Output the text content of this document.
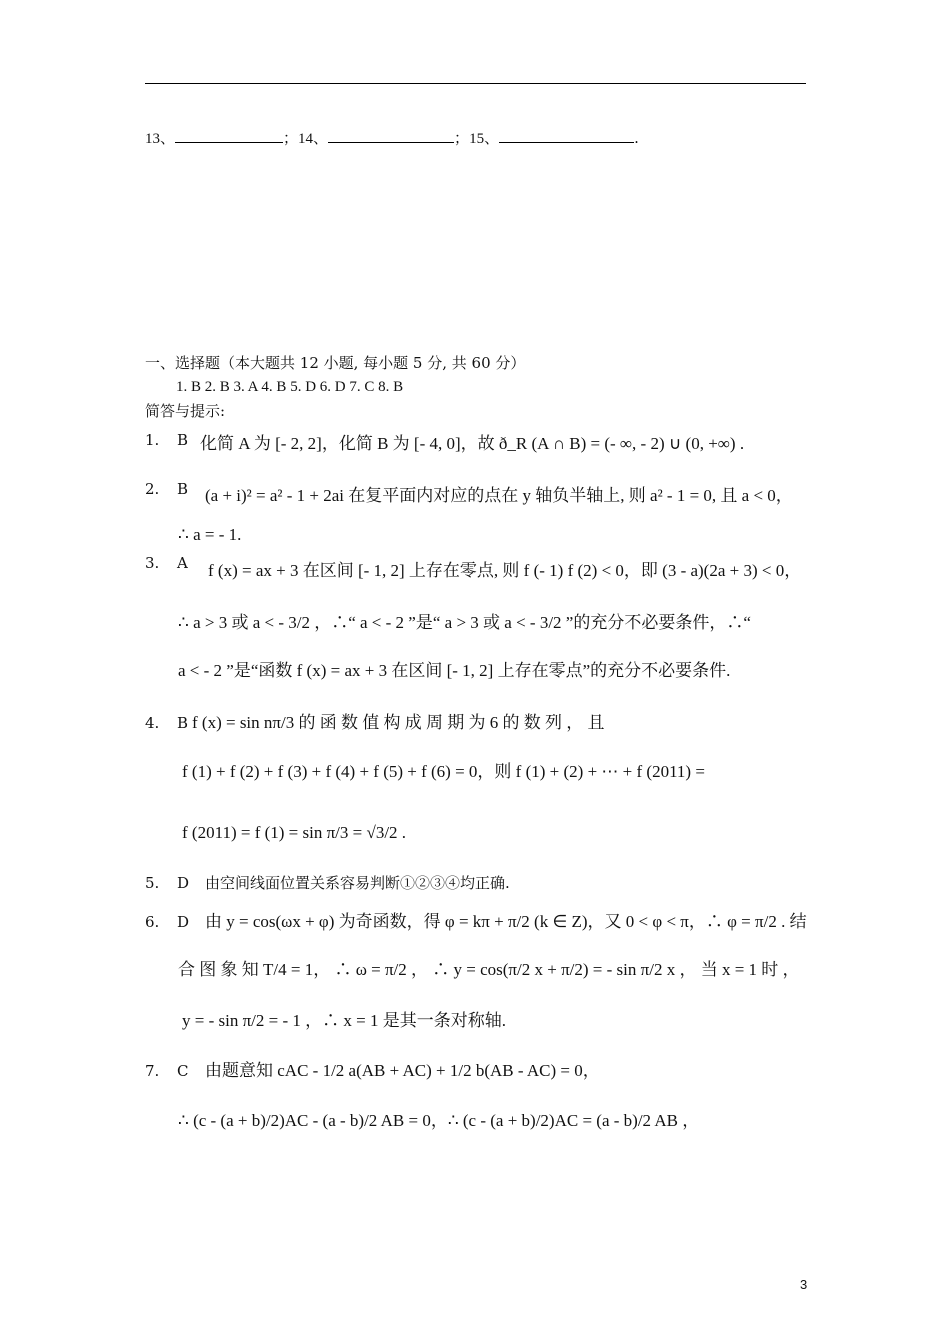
13、	；14、	；15、	.
一、选择题（本大题共 12 小题, 每小题 5 分, 共 60 分）
1. B 2. B 3. A 4. B 5. D 6. D 7. C 8. B
简答与提示:
1. B 化简 A 为 [- 2, 2]，化简 B 为 [- 4, 0]，故 ð_R (A ∩ B) = (- ∞, - 2) ∪ (0, +∞) .
2. B (a + i)² = a² - 1 + 2ai 在复平面内对应的点在 y 轴负半轴上, 则 a² - 1 = 0, 且 a < 0，
∴ a = - 1.
3. A f (x) = ax + 3 在区间 [- 1, 2] 上存在零点, 则 f (- 1) f (2) < 0，即 (3 - a)(2a + 3) < 0，
∴ a > 3 或 a < - 3/2 ，∴“ a < - 2 ”是“ a > 3 或 a < - 3/2 ”的充分不必要条件，∴“
a < - 2 ”是“函数 f (x) = ax + 3 在区间 [- 1, 2] 上存在零点”的充分不必要条件.
4. B f (x) = sin nπ/3 的 函 数 值 构 成 周 期 为 6 的 数 列 ， 且
f (1) + f (2) + f (3) + f (4) + f (5) + f (6) = 0，则 f (1) + (2) + ⋯ + f (2011) =
f (2011) = f (1) = sin π/3 = √3/2 .
5. D 由空间线面位置关系容易判断①②③④均正确.
6. D 由 y = cos(ωx + φ) 为奇函数，得 φ = kπ + π/2 (k ∈ Z)，又 0 < φ < π，∴ φ = π/2 . 结
合 图 象 知 T/4 = 1， ∴ ω = π/2 ， ∴ y = cos(π/2 x + π/2) = - sin π/2 x ， 当 x = 1 时 ，
y = - sin π/2 = - 1 ，∴ x = 1 是其一条对称轴.
7. C 由题意知 cAC - 1/2 a(AB + AC) + 1/2 b(AB - AC) = 0，
∴ (c - (a + b)/2)AC - (a - b)/2 AB = 0，∴ (c - (a + b)/2)AC = (a - b)/2 AB ，
3
